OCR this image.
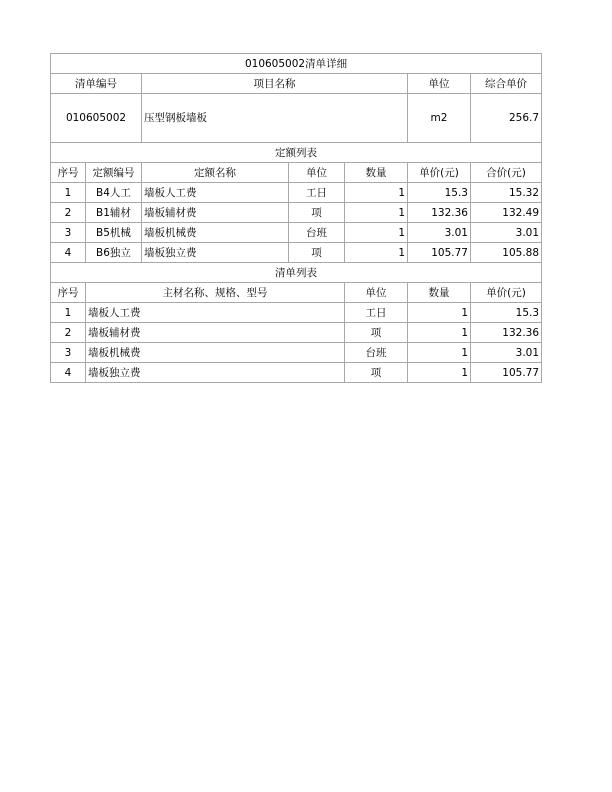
010605002清单详细							
清单编号		项目名称			单位	综合单价	
010605002		压型钢板墙板			m2	256.7	
定额列表							
序号	定额编号	定额名称	单位	数量	单价(元)	合价(元)	
1	B4人工	墙板人工费	工日	1	15.3	15.32	
2	B1辅材	墙板辅材费	项	1	132.36	132.49	
3	B5机械	墙板机械费	台班	1	3.01	3.01	
4	B6独立	墙板独立费	项	1	105.77	105.88	
清单列表							
序号	主材名称、规格、型号			单位	数量	单价(元)	
1	墙板人工费			工日	1	15.3	
2	墙板辅材费			项	1	132.36	
3	墙板机械费			台班	1	3.01	
4	墙板独立费			项	1	105.77	
